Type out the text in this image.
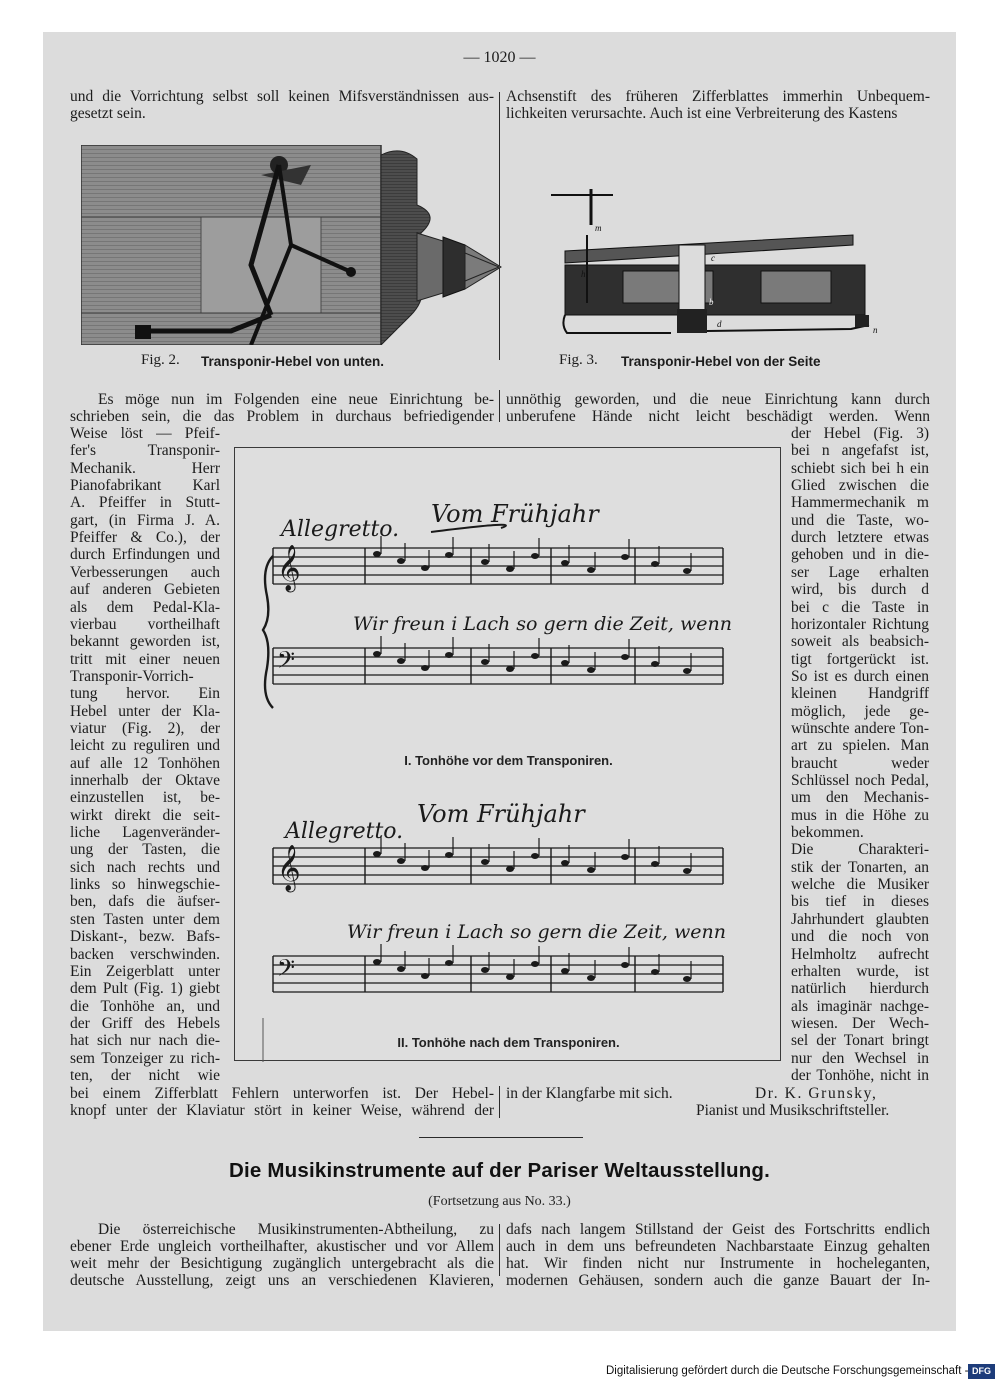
— 1020 —
und die Vorrichtung selbst soll keinen Mifsverständnissen aus-
gesetzt sein.
Achsenstift des früheren Zifferblattes immerhin Unbequem-
lichkeiten verursachte. Auch ist eine Verbreiterung des Kastens
Fig. 2. Transponir-Hebel von unten.
h
m
c
b
d
n
Fig. 3. Transponir-Hebel von der Seite
Es möge nun im Folgenden eine neue Einrichtung be-
schrieben sein, die das Problem in durchaus befriedigender
unnöthig geworden, und die neue Einrichtung kann durch
unberufene Hände nicht leicht beschädigt werden. Wenn
Allegretto.
Vom Frühjahr
𝄞
𝄢
Wir freun i Lach so gern die Zeit, wenn
Allegretto.
Vom Frühjahr
𝄞
𝄢
Wir freun i Lach so gern die Zeit, wenn
I. Tonhöhe vor dem Transponiren.
II. Tonhöhe nach dem Transponiren.
bei einem Zifferblatt Fehlern unterworfen ist. Der Hebel-
knopf unter der Klaviatur stört in keiner Weise, während der
in der Klangfarbe mit sich.	Dr. K. Grunsky,
Pianist und Musikschriftsteller.
Die Musikinstrumente auf der Pariser Weltausstellung.
(Fortsetzung aus No. 33.)
Die österreichische Musikinstrumenten-Abtheilung, zu
ebener Erde ungleich vortheilhafter, akustischer und vor Allem
weit mehr der Besichtigung zugänglich untergebracht als die
deutsche Ausstellung, zeigt uns an verschiedenen Klavieren,
dafs nach langem Stillstand der Geist des Fortschritts endlich
auch in dem uns befreundeten Nachbarstaate Einzug gehalten
hat. Wir finden nicht nur Instrumente in hocheleganten,
modernen Gehäusen, sondern auch die ganze Bauart der In-
Weise löst — Pfeif-
fer's Transponir-
Mechanik. Herr
Pianofabrikant Karl
A. Pfeiffer in Stutt-
gart, (in Firma J. A.
Pfeiffer & Co.), der
durch Erfindungen und
Verbesserungen auch
auf anderen Gebieten
als dem Pedal-Kla-
vierbau vortheilhaft
bekannt geworden ist,
tritt mit einer neuen
Transponir-Vorrich-
tung hervor. Ein
Hebel unter der Kla-
viatur (Fig. 2), der
leicht zu reguliren und
auf alle 12 Tonhöhen
innerhalb der Oktave
einzustellen ist, be-
wirkt direkt die seit-
liche Lagenveränder-
ung der Tasten, die
sich nach rechts und
links so hinwegschie-
ben, dafs die äufser-
sten Tasten unter dem
Diskant-, bezw. Bafs-
backen verschwinden.
Ein Zeigerblatt unter
dem Pult (Fig. 1) giebt
die Tonhöhe an, und
der Griff des Hebels
hat sich nur nach die-
sem Tonzeiger zu rich-
ten, der nicht wie
der Hebel (Fig. 3)
bei n angefafst ist,
schiebt sich bei h ein
Glied zwischen die
Hammermechanik m
und die Taste, wo-
durch letztere etwas
gehoben und in die-
ser Lage erhalten
wird, bis durch d
bei c die Taste in
horizontaler Richtung
soweit als beabsich-
tigt fortgerückt ist.
So ist es durch einen
kleinen Handgriff
möglich, jede ge-
wünschte andere Ton-
art zu spielen. Man
braucht weder
Schlüssel noch Pedal,
um den Mechanis-
mus in die Höhe zu
bekommen.
Die Charakteri-
stik der Tonarten, an
welche die Musiker
bis tief in dieses
Jahrhundert glaubten
und die noch von
Helmholtz aufrecht
erhalten wurde, ist
natürlich hierdurch
als imaginär nachge-
wiesen. Der Wech-
sel der Tonart bringt
nur den Wechsel in
der Tonhöhe, nicht in
Digitalisierung gefördert durch die Deutsche Forschungsgemeinschaft - DFG
